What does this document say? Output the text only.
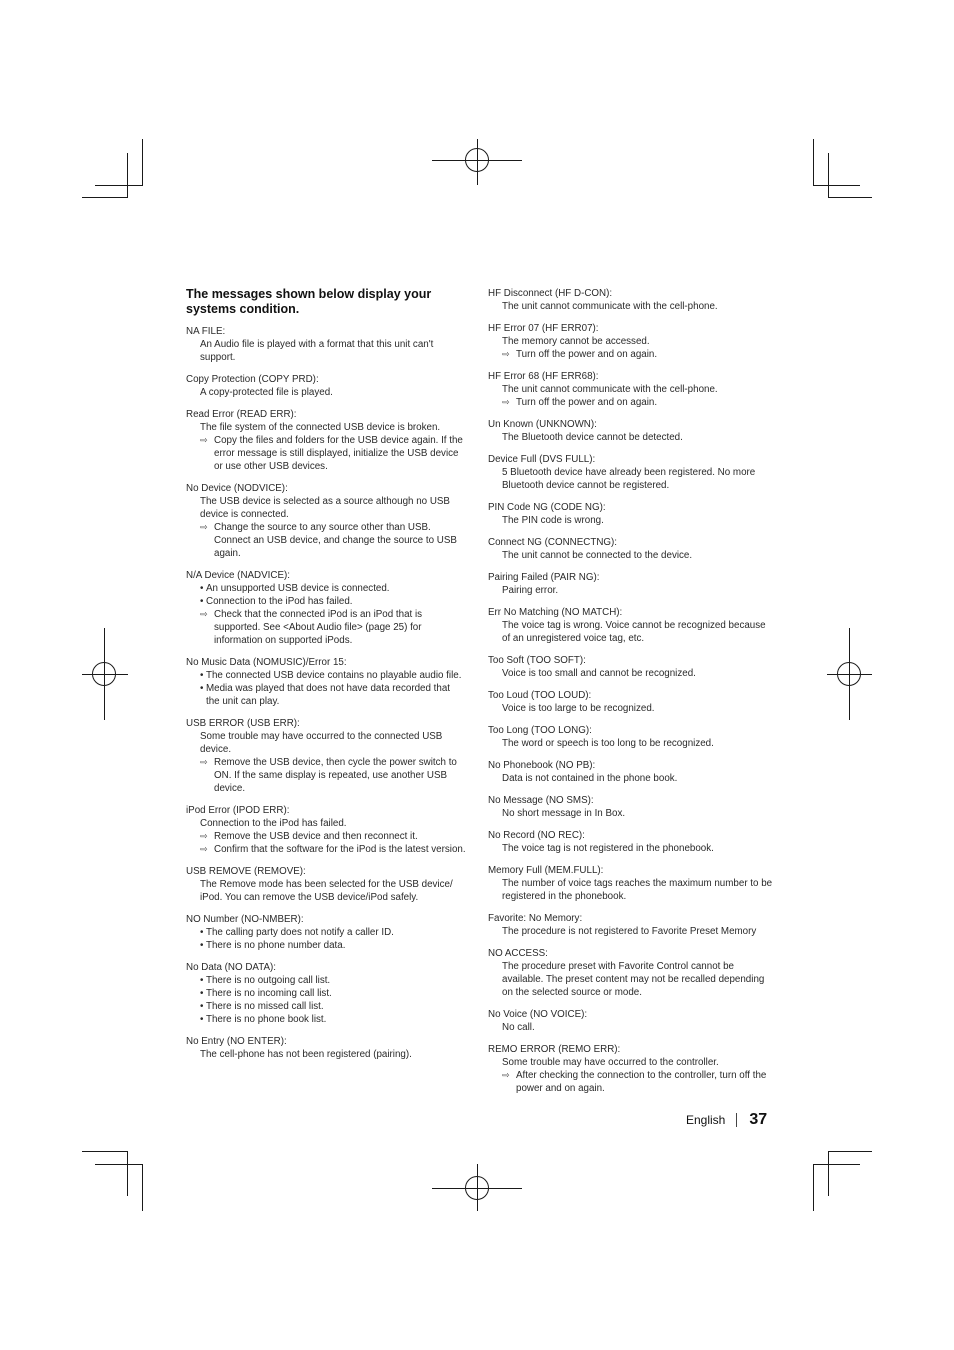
The messages shown below display your
systems condition.

NA FILE:

An Audio file is played with a format that this unit can't support.

Copy Protection (COPY PRD):

A copy-protected file is played.

Read Error (READ ERR):

The file system of the connected USB device is broken.

⇨ Copy the files and folders for the USB device again. If the error message is still displayed, initialize the USB device or use other USB devices.

No Device (NODVICE):

The USB device is selected as a source although no USB device is connected.

⇨ Change the source to any source other than USB. Connect an USB device, and change the source to USB again.

N/A Device (NADVICE):

• An unsupported USB device is connected.

• Connection to the iPod has failed.

⇨ Check that the connected iPod is an iPod that is supported. See <About Audio file> (page 25) for information on supported iPods.

No Music Data (NOMUSIC)/Error 15:

• The connected USB device contains no playable audio file.

• Media was played that does not have data recorded that the unit can play.

USB ERROR (USB ERR):

Some trouble may have occurred to the connected USB device.

⇨ Remove the USB device, then cycle the power switch to ON. If the same display is repeated, use another USB device.

iPod Error (IPOD ERR):

Connection to the iPod has failed.

⇨ Remove the USB device and then reconnect it.

⇨ Confirm that the software for the iPod is the latest version.

USB REMOVE (REMOVE):

The Remove mode has been selected for the USB device/ iPod. You can remove the USB device/iPod safely.

NO Number (NO-NMBER):

• The calling party does not notify a caller ID.

• There is no phone number data.

No Data (NO DATA):

• There is no outgoing call list.

• There is no incoming call list.

• There is no missed call list.

• There is no phone book list.

No Entry (NO ENTER):

The cell-phone has not been registered (pairing).

HF Disconnect (HF D-CON):

The unit cannot communicate with the cell-phone.

HF Error 07 (HF ERR07):

The memory cannot be accessed.

⇨ Turn off the power and on again.

HF Error 68 (HF ERR68):

The unit cannot communicate with the cell-phone.

⇨ Turn off the power and on again.

Un Known (UNKNOWN):

The Bluetooth device cannot be detected.

Device Full (DVS FULL):

5 Bluetooth device have already been registered. No more Bluetooth device cannot be registered.

PIN Code NG (CODE NG):

The PIN code is wrong.

Connect NG (CONNECTNG):

The unit cannot be connected to the device.

Pairing Failed (PAIR NG):

Pairing error.

Err No Matching (NO MATCH):

The voice tag is wrong. Voice cannot be recognized because of an unregistered voice tag, etc.

Too Soft (TOO SOFT):

Voice is too small and cannot be recognized.

Too Loud (TOO LOUD):

Voice is too large to be recognized.

Too Long (TOO LONG):

The word or speech is too long to be recognized.

No Phonebook (NO PB):

Data is not contained in the phone book.

No Message (NO SMS):

No short message in In Box.

No Record (NO REC):

The voice tag is not registered in the phonebook.

Memory Full (MEM.FULL):

The number of voice tags reaches the maximum number to be registered in the phonebook.

Favorite: No Memory:

The procedure is not registered to Favorite Preset Memory

NO ACCESS:

The procedure preset with Favorite Control cannot be available. The preset content may not be recalled depending on the selected source or mode.

No Voice (NO VOICE):

No call.

REMO ERROR (REMO ERR):

Some trouble may have occurred to the controller.

⇨ After checking the connection to the controller, turn off the power and on again.

English 37
